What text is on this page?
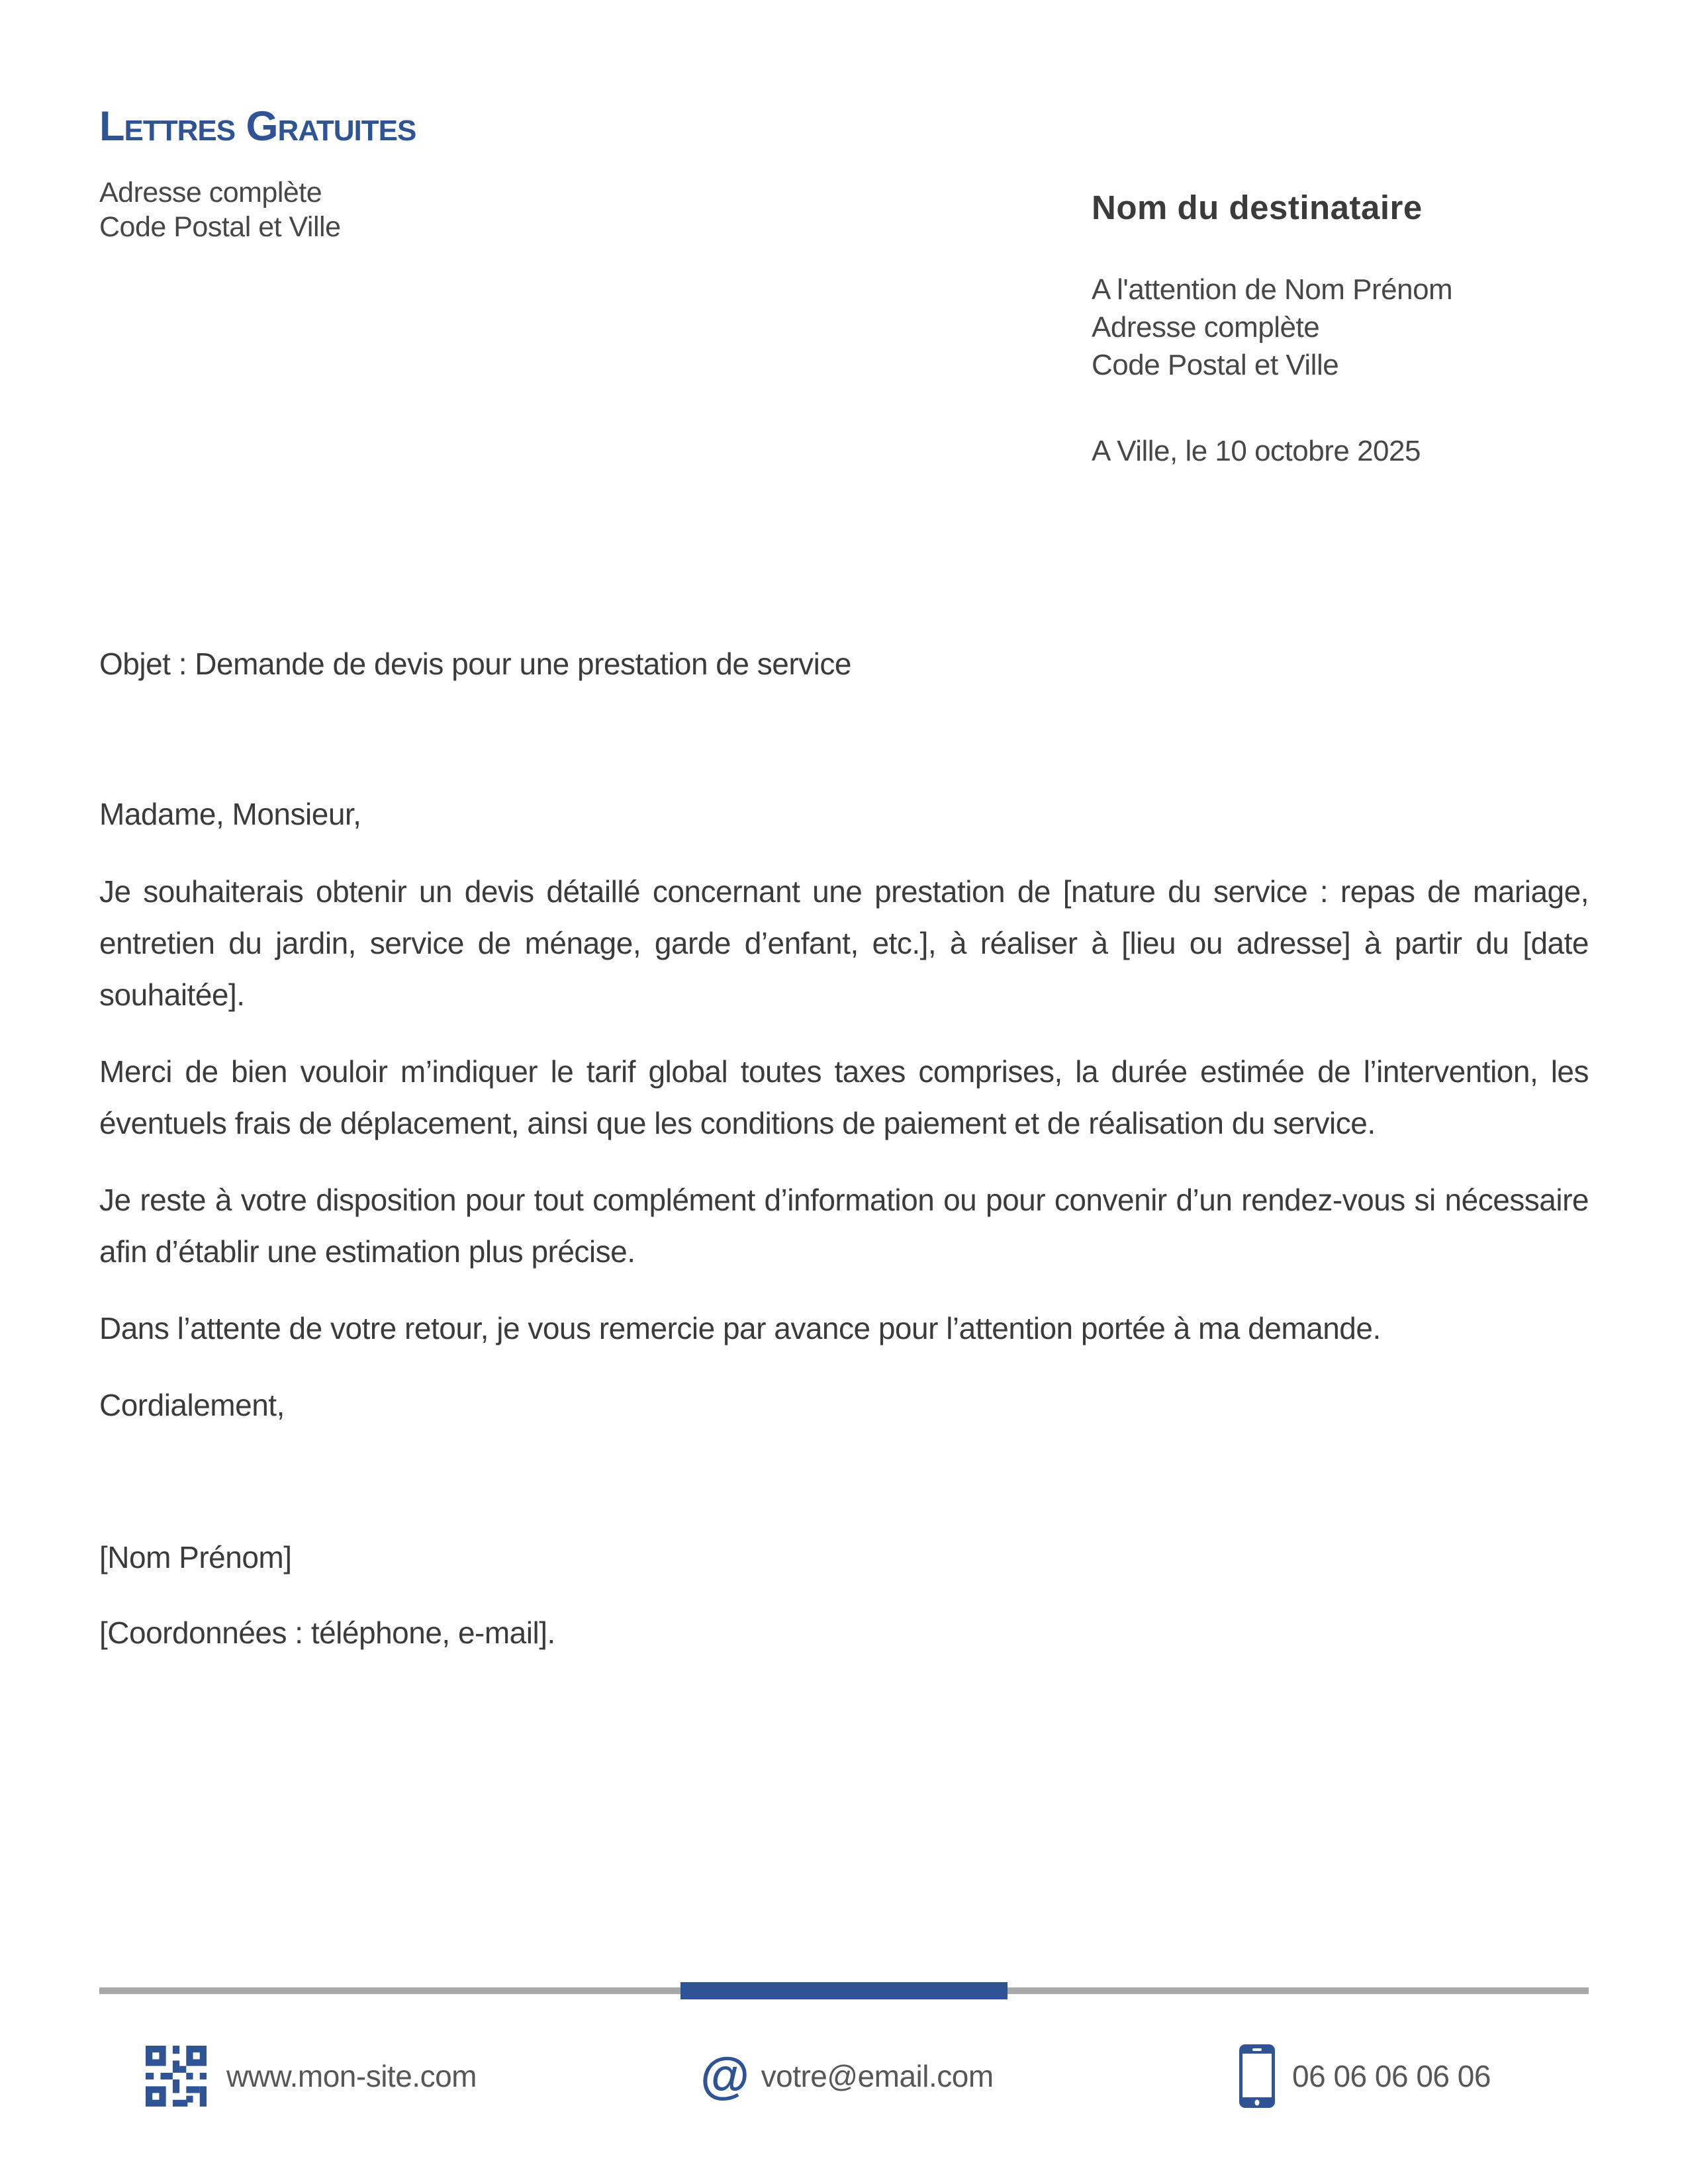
Lettres Gratuites
Adresse complète
Code Postal et Ville
Nom du destinataire
A l'attention de Nom Prénom
Adresse complète
Code Postal et Ville
A Ville, le 10 octobre 2025

Objet : Demande de devis pour une prestation de service

Madame, Monsieur,

Je souhaiterais obtenir un devis détaillé concernant une prestation de [nature du service : repas de mariage, entretien du jardin, service de ménage, garde d’enfant, etc.], à réaliser à [lieu ou adresse] à partir du [date souhaitée].

Merci de bien vouloir m’indiquer le tarif global toutes taxes comprises, la durée estimée de l’intervention, les éventuels frais de déplacement, ainsi que les conditions de paiement et de réalisation du service.

Je reste à votre disposition pour tout complément d’information ou pour convenir d’un rendez-vous si nécessaire afin d’établir une estimation plus précise.

Dans l’attente de votre retour, je vous remercie par avance pour l’attention portée à ma demande.

Cordialement,

[Nom Prénom]

[Coordonnées : téléphone, e-mail].

www.mon-site.com	@ votre@email.com	06 06 06 06 06
